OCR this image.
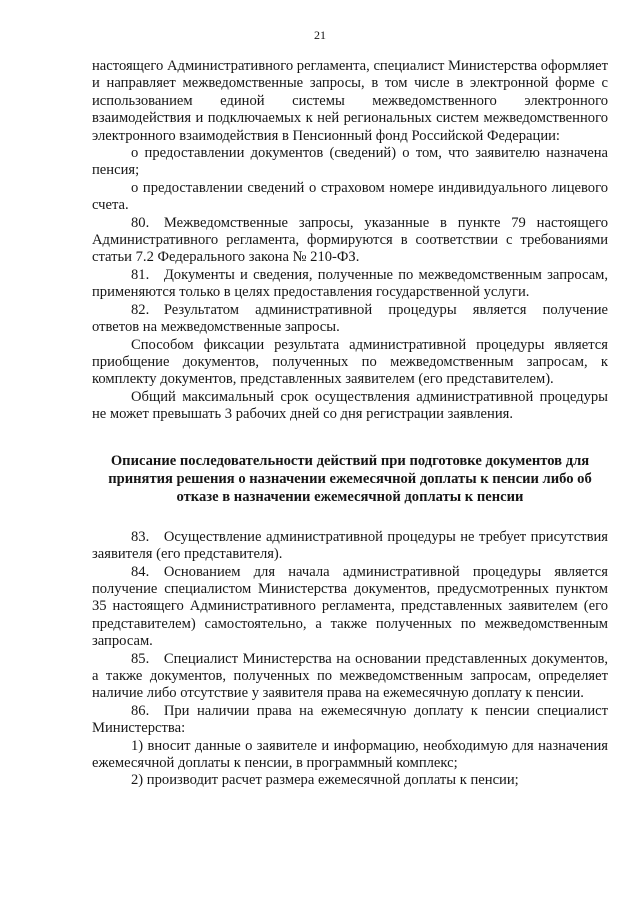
21

настоящего Административного регламента, специалист Министерства оформляет и направляет межведомственные запросы, в том числе в электронной форме с использованием единой системы межведомственного электронного взаимодействия и подключаемых к ней региональных систем межведомственного электронного взаимодействия в Пенсионный фонд Российской Федерации:

о предоставлении документов (сведений) о том, что заявителю назначена пенсия;

о предоставлении сведений о страховом номере индивидуального лицевого счета.

80. Межведомственные запросы, указанные в пункте 79 настоящего Административного регламента, формируются в соответствии с требованиями статьи 7.2 Федерального закона № 210-ФЗ.

81. Документы и сведения, полученные по межведомственным запросам, применяются только в целях предоставления государственной услуги.

82. Результатом административной процедуры является получение ответов на межведомственные запросы.

Способом фиксации результата административной процедуры является приобщение документов, полученных по межведомственным запросам, к комплекту документов, представленных заявителем (его представителем).

Общий максимальный срок осуществления административной процедуры не может превышать 3 рабочих дней со дня регистрации заявления.

Описание последовательности действий при подготовке документов для принятия решения о назначении ежемесячной доплаты к пенсии либо об отказе в назначении ежемесячной доплаты к пенсии

83. Осуществление административной процедуры не требует присутствия заявителя (его представителя).

84. Основанием для начала административной процедуры является получение специалистом Министерства документов, предусмотренных пунктом 35 настоящего Административного регламента, представленных заявителем (его представителем) самостоятельно, а также полученных по межведомственным запросам.

85. Специалист Министерства на основании представленных документов, а также документов, полученных по межведомственным запросам, определяет наличие либо отсутствие у заявителя права на ежемесячную доплату к пенсии.

86. При наличии права на ежемесячную доплату к пенсии специалист Министерства:

1) вносит данные о заявителе и информацию, необходимую для назначения ежемесячной доплаты к пенсии, в программный комплекс;

2) производит расчет размера ежемесячной доплаты к пенсии;
